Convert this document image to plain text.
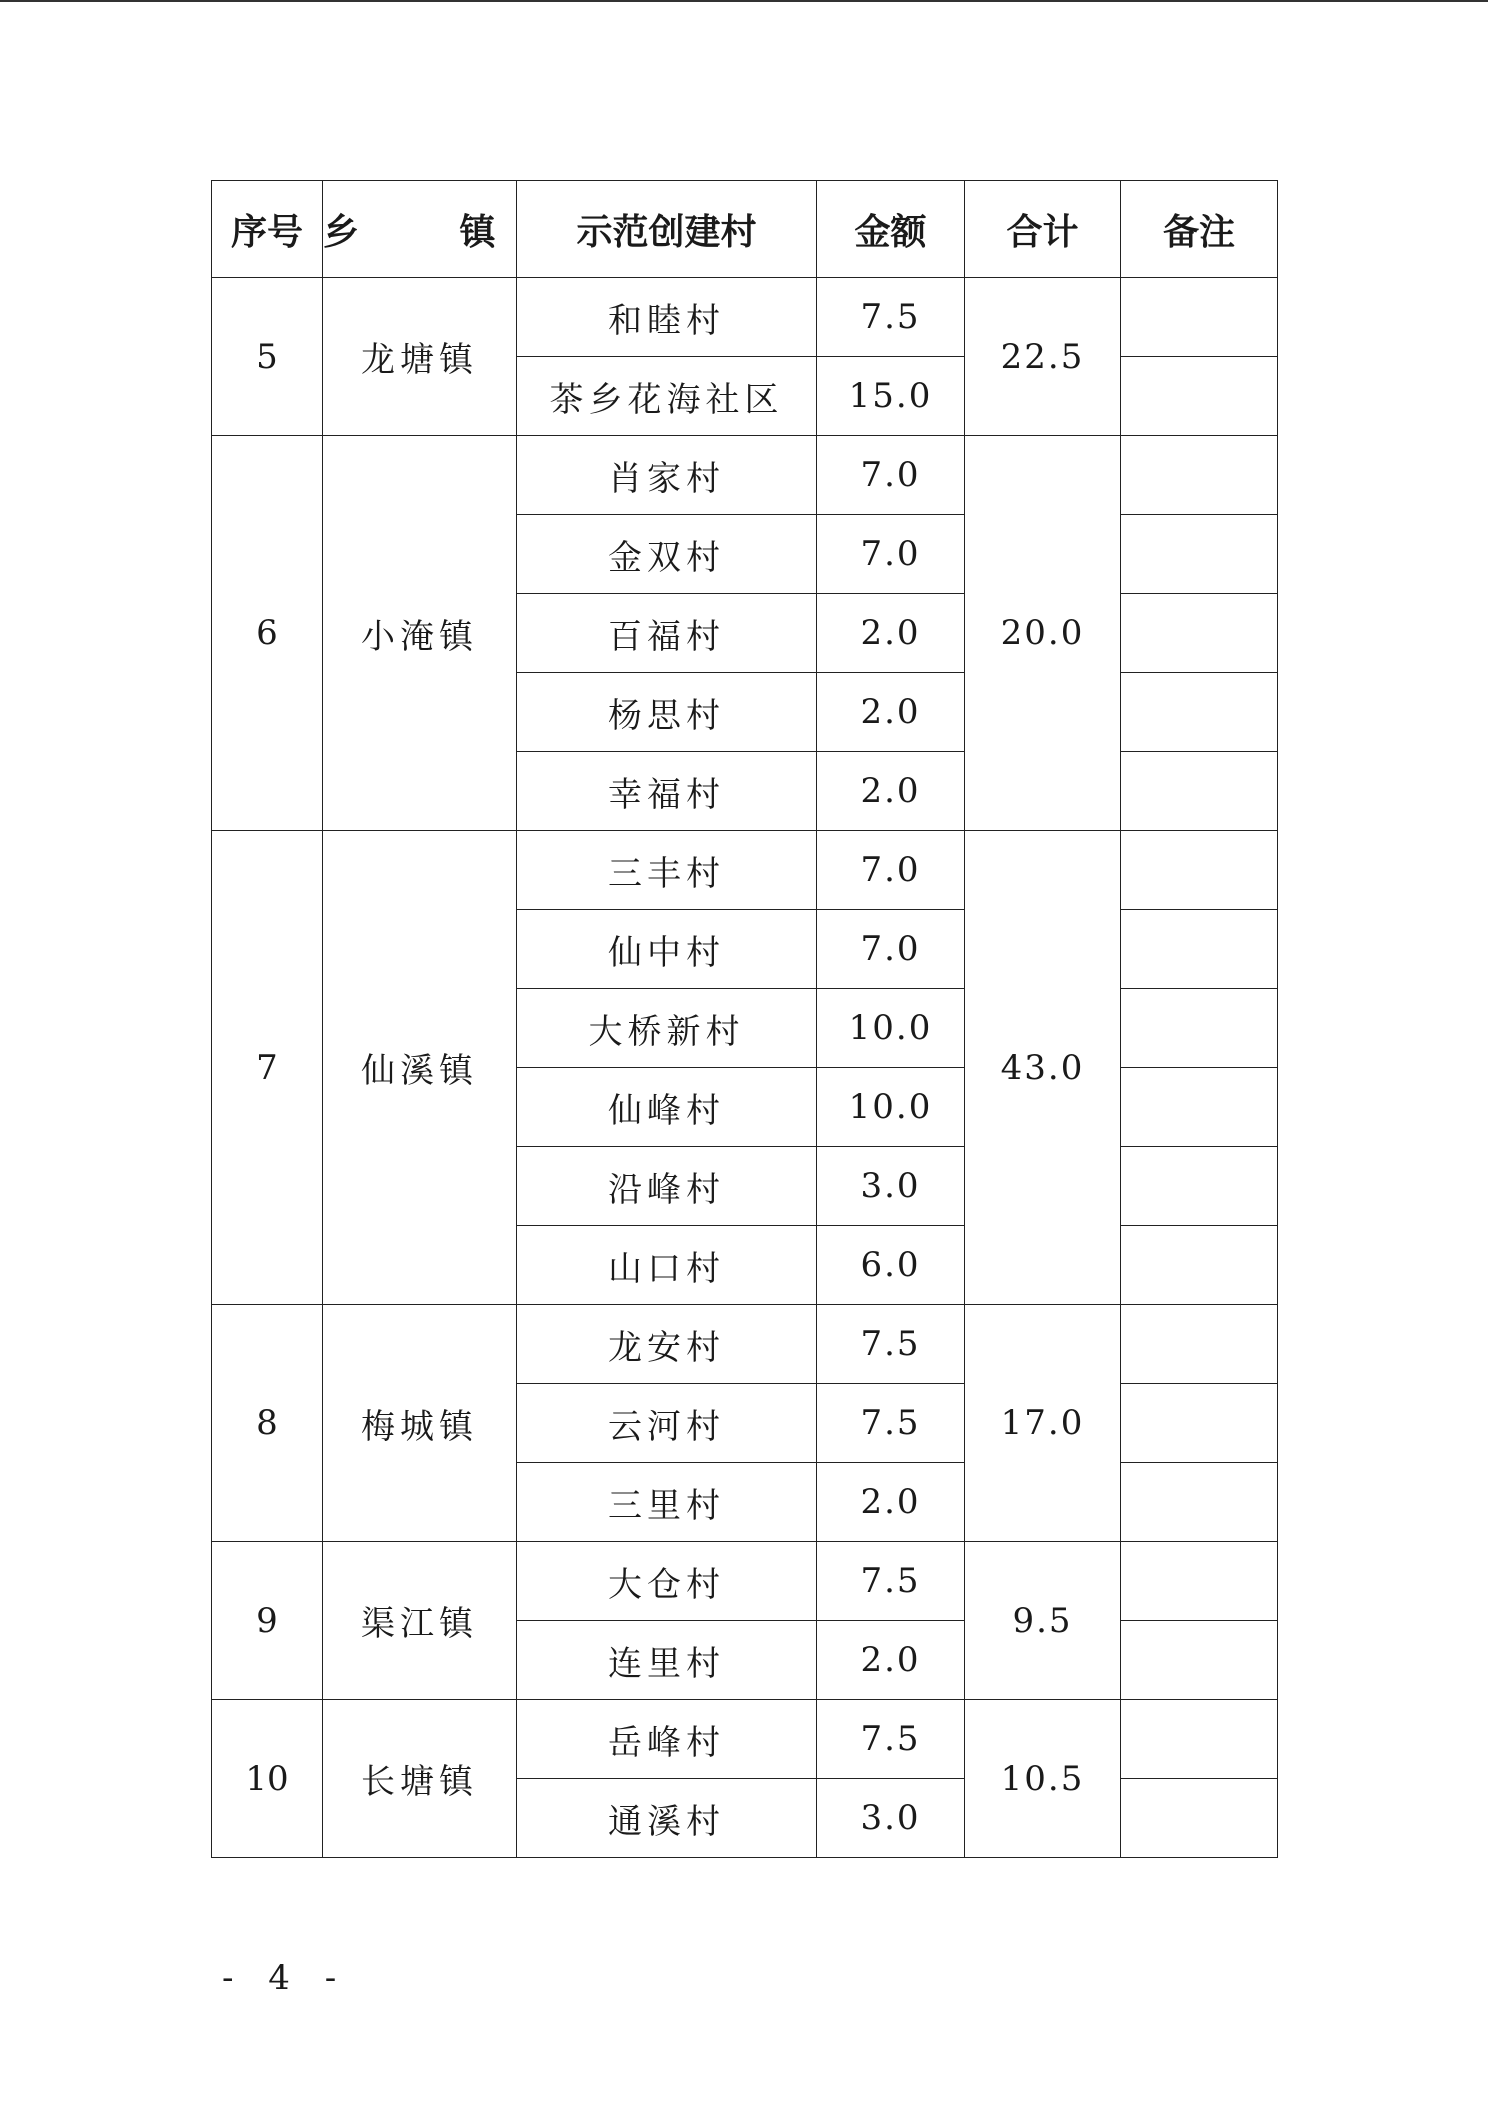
序号	乡 镇	示范创建村	金额	合计	备注
5	龙塘镇	和睦村	7.5	22.5	
		茶乡花海社区	15.0		
6	小淹镇	肖家村	7.0	20.0	
		金双村	7.0		
		百福村	2.0		
		杨思村	2.0		
		幸福村	2.0		
7	仙溪镇	三丰村	7.0	43.0	
		仙中村	7.0		
		大桥新村	10.0		
		仙峰村	10.0		
		沿峰村	3.0		
		山口村	6.0		
8	梅城镇	龙安村	7.5	17.0	
		云河村	7.5		
		三里村	2.0		
9	渠江镇	大仓村	7.5	9.5	
		连里村	2.0		
10	长塘镇	岳峰村	7.5	10.5	
		通溪村	3.0		
- 4 -
